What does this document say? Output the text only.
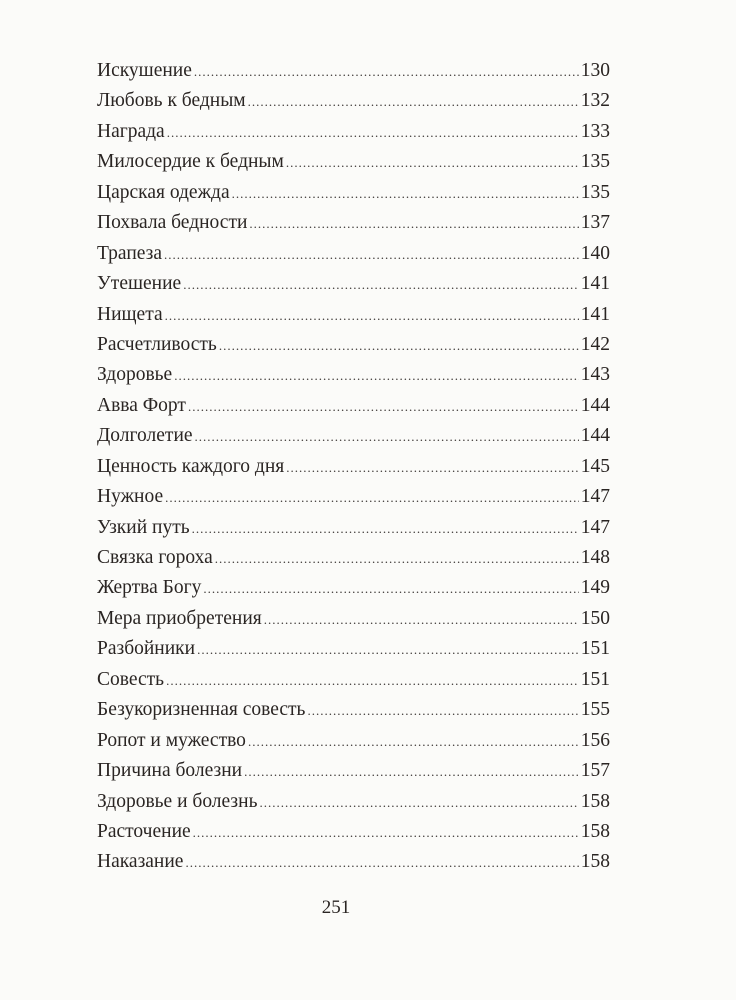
Искушение .....	130
Любовь к бедным .....	132
Награда .....	133
Милосердие к бедным .....	135
Царская одежда .....	135
Похвала бедности .....	137
Трапеза .....	140
Утешение .....	141
Нищета .....	141
Расчетливость .....	142
Здоровье .....	143
Авва Форт .....	144
Долголетие .....	144
Ценность каждого дня .....	145
Нужное .....	147
Узкий путь .....	147
Связка гороха .....	148
Жертва Богу .....	149
Мера приобретения .....	150
Разбойники .....	151
Совесть .....	151
Безукоризненная совесть .....	155
Ропот и мужество .....	156
Причина болезни .....	157
Здоровье и болезнь .....	158
Расточение .....	158
Наказание .....	158
251
